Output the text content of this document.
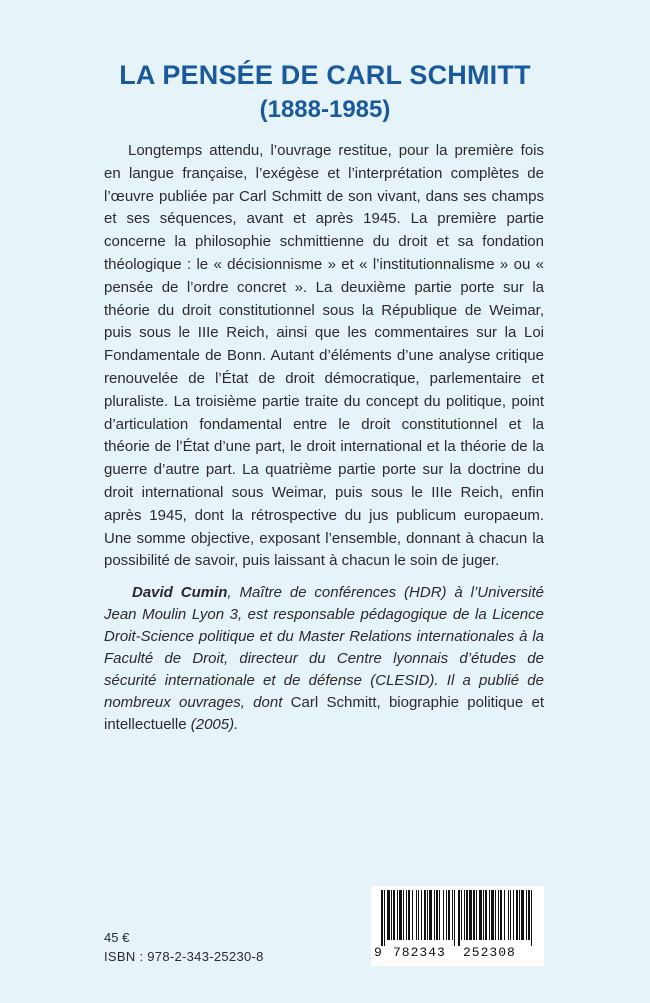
LA PENSÉE DE CARL SCHMITT
(1888-1985)

Longtemps attendu, l’ouvrage restitue, pour la première fois en langue française, l’exégèse et l’interprétation complètes de l’œuvre publiée par Carl Schmitt de son vivant, dans ses champs et ses séquences, avant et après 1945. La première partie concerne la philosophie schmittienne du droit et sa fondation théologique : le « décisionnisme » et « l’institutionnalisme » ou « pensée de l’ordre concret ». La deuxième partie porte sur la théorie du droit constitutionnel sous la République de Weimar, puis sous le IIIe Reich, ainsi que les commentaires sur la Loi Fondamentale de Bonn. Autant d’éléments d’une analyse critique renouvelée de l’État de droit démocratique, parlementaire et pluraliste. La troisième partie traite du concept du politique, point d’articulation fondamental entre le droit constitutionnel et la théorie de l’État d’une part, le droit international et la théorie de la guerre d’autre part. La quatrième partie porte sur la doctrine du droit international sous Weimar, puis sous le IIIe Reich, enfin après 1945, dont la rétrospective du jus publicum europaeum. Une somme objective, exposant l’ensemble, donnant à chacun la possibilité de savoir, puis laissant à chacun le soin de juger.

David Cumin, Maître de conférences (HDR) à l’Université Jean Moulin Lyon 3, est responsable pédagogique de la Licence Droit-Science politique et du Master Relations internationales à la Faculté de Droit, directeur du Centre lyonnais d’études de sécurité internationale et de défense (CLESID). Il a publié de nombreux ouvrages, dont Carl Schmitt, biographie politique et intellectuelle (2005).

45 €
ISBN : 978-2-343-25230-8	9 782343 252308
